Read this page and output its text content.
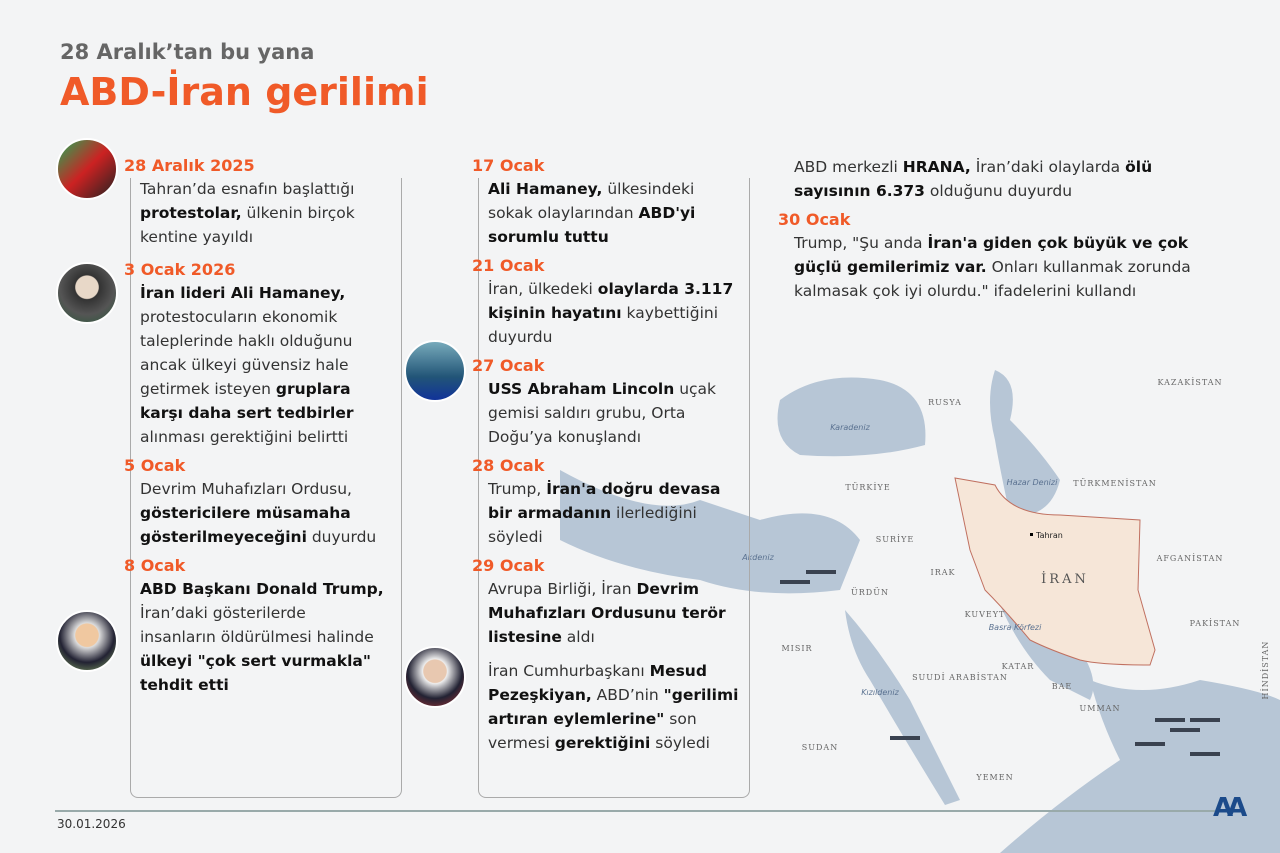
RUSYA
KAZAKİSTAN
TÜRKİYE	TÜRKMENİSTAN
SURİYE
IRAK
AFGANİSTAN
ÜRDÜN
KUVEYT
PAKİSTAN
MISIR
KATAR
SUUDİ ARABİSTAN
BAE
UMMAN
SUDAN
YEMEN
HİNDİSTAN
İRAN
Tahran
Karadeniz
Hazar Denizi
Akdeniz
Basra Körfezi
Kızıldeniz
28 Aralık’tan bu yana
ABD-İran gerilimi
28 Aralık 2025
Tahran’da esnafın başlattığı protestolar, ülkenin birçok kentine yayıldı
3 Ocak 2026
İran lideri Ali Hamaney, protestocuların ekonomik taleplerinde haklı olduğunu ancak ülkeyi güvensiz hale getirmek isteyen gruplara karşı daha sert tedbirler alınması gerektiğini belirtti
5 Ocak
Devrim Muhafızları Ordusu, göstericilere müsamaha gösterilmeyeceğini duyurdu
8 Ocak
ABD Başkanı Donald Trump, İran’daki gösterilerde insanların öldürülmesi halinde ülkeyi "çok sert vurmakla" tehdit etti
17 Ocak
Ali Hamaney, ülkesindeki sokak olaylarından ABD'yi sorumlu tuttu
21 Ocak
İran, ülkedeki olaylarda 3.117 kişinin hayatını kaybettiğini duyurdu
27 Ocak
USS Abraham Lincoln uçak gemisi saldırı grubu, Orta Doğu’ya konuşlandı
28 Ocak
Trump, İran'a doğru devasa bir armadanın ilerlediğini söyledi
29 Ocak
Avrupa Birliği, İran Devrim Muhafızları Ordusunu terör listesine aldı
İran Cumhurbaşkanı Mesud Pezeşkiyan, ABD’nin "gerilimi artıran eylemlerine" son vermesi gerektiğini söyledi
ABD merkezli HRANA, İran’daki olaylarda ölü sayısının 6.373 olduğunu duyurdu
30 Ocak
Trump, "Şu anda İran'a giden çok büyük ve çok güçlü gemilerimiz var. Onları kullanmak zorunda kalmasak çok iyi olurdu." ifadelerini kullandı
30.01.2026
AA
